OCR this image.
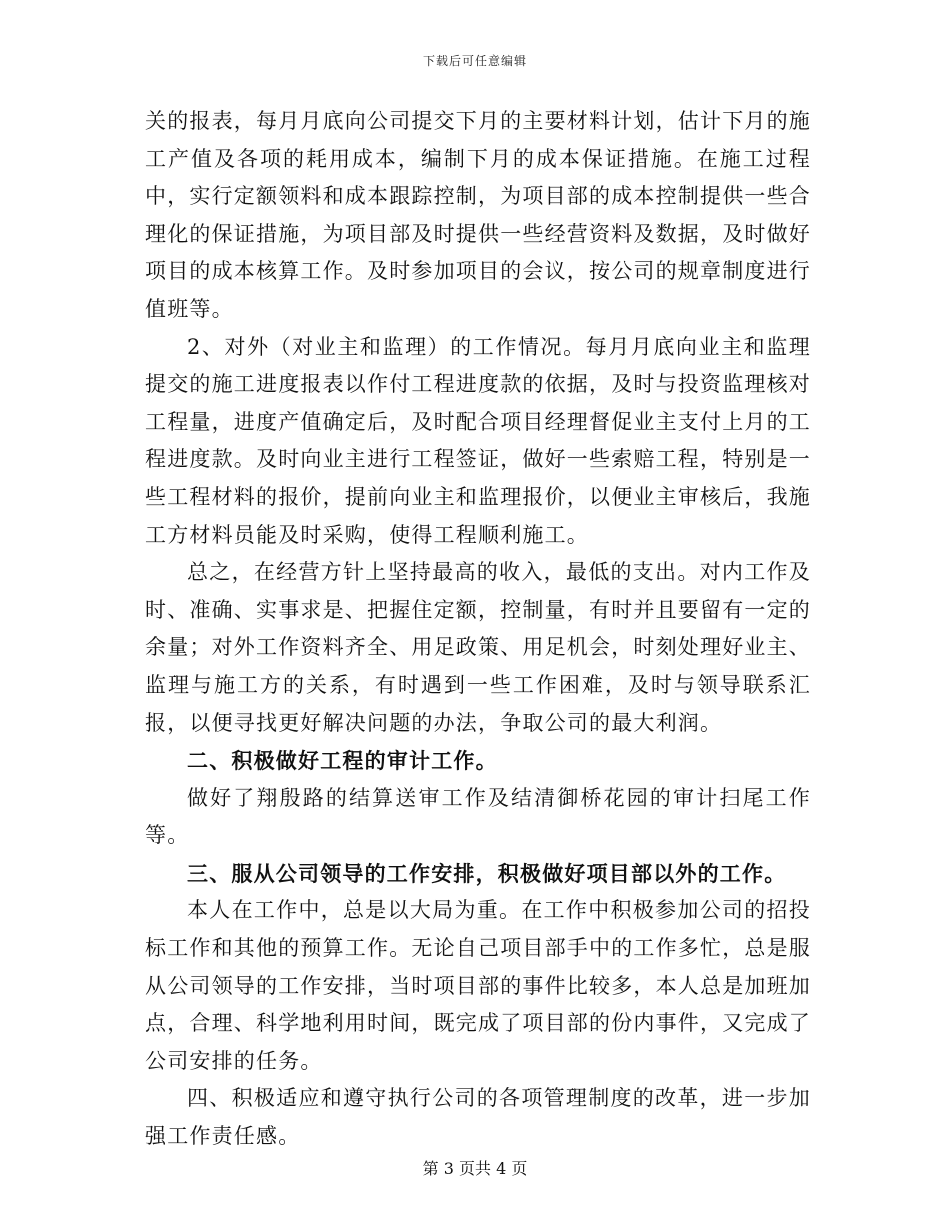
下载后可任意编辑

关的报表，每月月底向公司提交下月的主要材料计划，估计下月的施工产值及各项的耗用成本，编制下月的成本保证措施。在施工过程中，实行定额领料和成本跟踪控制，为项目部的成本控制提供一些合理化的保证措施，为项目部及时提供一些经营资料及数据，及时做好项目的成本核算工作。及时参加项目的会议，按公司的规章制度进行值班等。

2、对外（对业主和监理）的工作情况。每月月底向业主和监理提交的施工进度报表以作付工程进度款的依据，及时与投资监理核对工程量，进度产值确定后，及时配合项目经理督促业主支付上月的工程进度款。及时向业主进行工程签证，做好一些索赔工程，特别是一些工程材料的报价，提前向业主和监理报价，以便业主审核后，我施工方材料员能及时采购，使得工程顺利施工。

总之，在经营方针上坚持最高的收入，最低的支出。对内工作及时、准确、实事求是、把握住定额，控制量，有时并且要留有一定的余量；对外工作资料齐全、用足政策、用足机会，时刻处理好业主、监理与施工方的关系，有时遇到一些工作困难，及时与领导联系汇报，以便寻找更好解决问题的办法，争取公司的最大利润。

二、积极做好工程的审计工作。

做好了翔殷路的结算送审工作及结清御桥花园的审计扫尾工作等。

三、服从公司领导的工作安排，积极做好项目部以外的工作。

本人在工作中，总是以大局为重。在工作中积极参加公司的招投标工作和其他的预算工作。无论自己项目部手中的工作多忙，总是服从公司领导的工作安排，当时项目部的事件比较多，本人总是加班加点，合理、科学地利用时间，既完成了项目部的份内事件，又完成了公司安排的任务。

四、积极适应和遵守执行公司的各项管理制度的改革，进一步加强工作责任感。

第 3 页共 4 页
